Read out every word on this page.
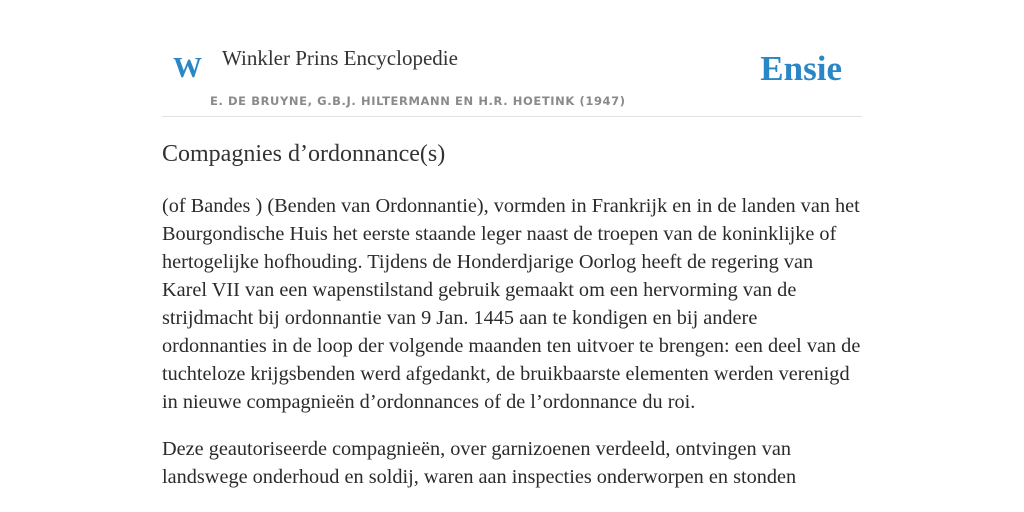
W Winkler Prins Encyclopedie
E. DE BRUYNE, G.B.J. HILTERMANN EN H.R. HOETINK (1947)
Ensie
Compagnies d’ordonnance(s)

(of Bandes ) (Benden van Ordonnantie), vormden in Frankrijk en in de landen van het Bourgondische Huis het eerste staande leger naast de troepen van de koninklijke of hertogelijke hofhouding. Tijdens de Honderdjarige Oorlog heeft de regering van Karel VII van een wapenstilstand gebruik gemaakt om een hervorming van de strijdmacht bij ordonnantie van 9 Jan. 1445 aan te kondigen en bij andere ordonnanties in de loop der volgende maanden ten uitvoer te brengen: een deel van de tuchteloze krijgsbenden werd afgedankt, de bruikbaarste elementen werden verenigd in nieuwe compagnieën d’ordonnances of de l’ordonnance du roi.

Deze geautoriseerde compagnieën, over garnizoenen verdeeld, ontvingen van landswege onderhoud en soldij, waren aan inspecties onderworpen en stonden
